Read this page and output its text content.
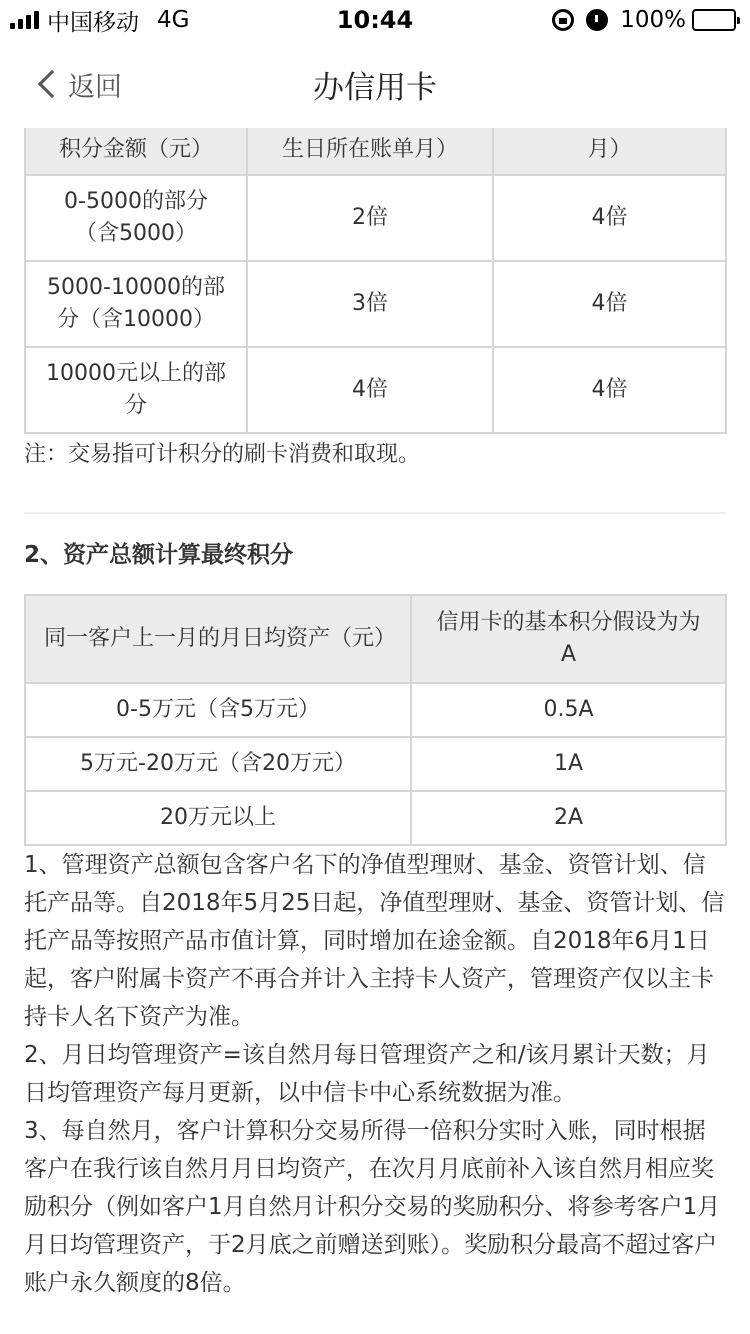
中国移动 4G	10:44	100%
返回	办信用卡
积分金额（元）	生日所在账单月）	月）
0-5000的部分（含5000）	2倍	4倍
5000-10000的部分（含10000）	3倍	4倍
10000元以上的部分	4倍	4倍
注：交易指可计积分的刷卡消费和取现。
2、资产总额计算最终积分
同一客户上一月的月日均资产（元）	信用卡的基本积分假设为为A
0-5万元（含5万元）	0.5A
5万元-20万元（含20万元）	1A
20万元以上	2A

1、管理资产总额包含客户名下的净值型理财、基金、资管计划、信托产品等。自2018年5月25日起，净值型理财、基金、资管计划、信托产品等按照产品市值计算，同时增加在途金额。自2018年6月1日起，客户附属卡资产不再合并计入主持卡人资产，管理资产仅以主卡持卡人名下资产为准。

2、月日均管理资产=该自然月每日管理资产之和/该月累计天数；月日均管理资产每月更新，以中信卡中心系统数据为准。

3、每自然月，客户计算积分交易所得一倍积分实时入账，同时根据客户在我行该自然月月日均资产，在次月月底前补入该自然月相应奖励积分（例如客户1月自然月计积分交易的奖励积分、将参考客户1月月日均管理资产，于2月底之前赠送到账）。奖励积分最高不超过客户账户永久额度的8倍。
